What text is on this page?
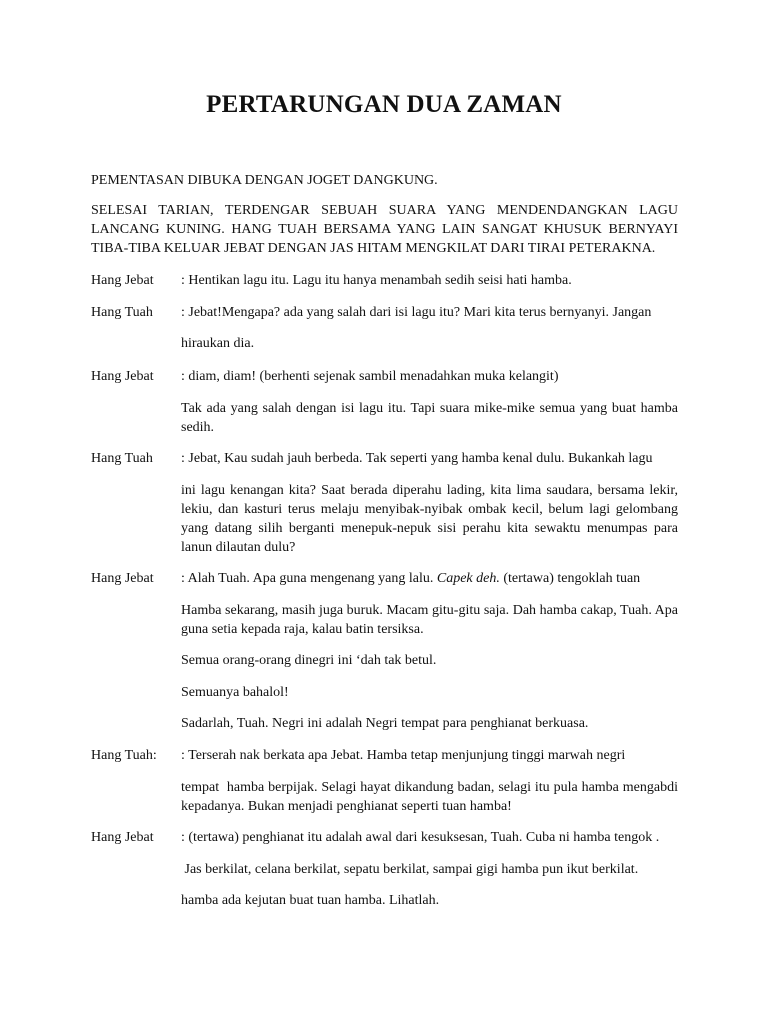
PERTARUNGAN DUA ZAMAN
PEMENTASAN DIBUKA DENGAN JOGET DANGKUNG.
SELESAI TARIAN, TERDENGAR SEBUAH SUARA YANG MENDENDANGKAN LAGU LANCANG KUNING. HANG TUAH BERSAMA YANG LAIN SANGAT KHUSUK BERNYAYI TIBA-TIBA KELUAR JEBAT DENGAN JAS HITAM MENGKILAT DARI TIRAI PETERAKNA.
Hang Jebat : Hentikan lagu itu. Lagu itu hanya menambah sedih seisi hati hamba.
Hang Tuah : Jebat!Mengapa? ada yang salah dari isi lagu itu? Mari kita terus bernyanyi. Jangan
hiraukan dia.
Hang Jebat : diam, diam! (berhenti sejenak sambil menadahkan muka kelangit)
Tak ada yang salah dengan isi lagu itu. Tapi suara mike-mike semua yang buat hamba sedih.
Hang Tuah : Jebat, Kau sudah jauh berbeda. Tak seperti yang hamba kenal dulu. Bukankah lagu
ini lagu kenangan kita? Saat berada diperahu lading, kita lima saudara, bersama lekir, lekiu, dan kasturi terus melaju menyibak-nyibak ombak kecil, belum lagi gelombang yang datang silih berganti menepuk-nepuk sisi perahu kita sewaktu menumpas para lanun dilautan dulu?
Hang Jebat : Alah Tuah. Apa guna mengenang yang lalu. Capek deh. (tertawa) tengoklah tuan
Hamba sekarang, masih juga buruk. Macam gitu-gitu saja. Dah hamba cakap, Tuah. Apa guna setia kepada raja, kalau batin tersiksa.
Semua orang-orang dinegri ini ‘dah tak betul.
Semuanya bahalol!
Sadarlah, Tuah. Negri ini adalah Negri tempat para penghianat berkuasa.
Hang Tuah: : Terserah nak berkata apa Jebat. Hamba tetap menjunjung tinggi marwah negri
tempat  hamba berpijak. Selagi hayat dikandung badan, selagi itu pula hamba mengabdi kepadanya. Bukan menjadi penghianat seperti tuan hamba!
Hang Jebat : (tertawa) penghianat itu adalah awal dari kesuksesan, Tuah. Cuba ni hamba tengok .
Jas berkilat, celana berkilat, sepatu berkilat, sampai gigi hamba pun ikut berkilat.
hamba ada kejutan buat tuan hamba. Lihatlah.
